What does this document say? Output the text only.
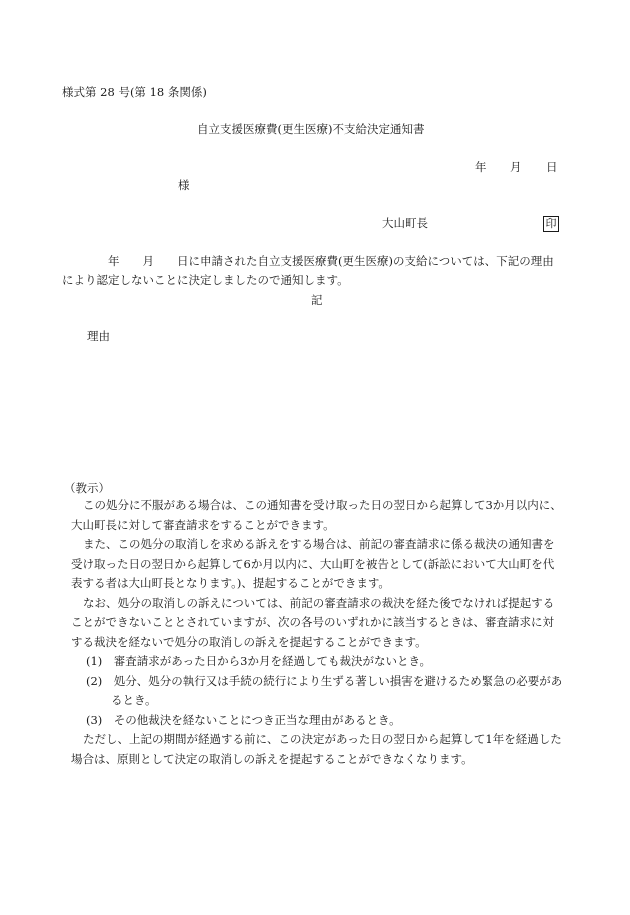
様式第 28 号(第 18 条関係)
自立支援医療費(更生医療)不支給決定通知書
年 月 日
様
大山町長	印
年　　月　　日に申請された自立支援医療費(更生医療)の支給については、下記の理由
により認定しないことに決定しましたので通知します。
記
理由
（教示）
この処分に不服がある場合は、この通知書を受け取った日の翌日から起算して3か月以内に、
大山町長に対して審査請求をすることができます。
また、この処分の取消しを求める訴えをする場合は、前記の審査請求に係る裁決の通知書を
受け取った日の翌日から起算して6か月以内に、大山町を被告として(訴訟において大山町を代
表する者は大山町長となります。)、提起することができます。
なお、処分の取消しの訴えについては、前記の審査請求の裁決を経た後でなければ提起する
ことができないこととされていますが、次の各号のいずれかに該当するときは、審査請求に対
する裁決を経ないで処分の取消しの訴えを提起することができます。
(1)　審査請求があった日から3か月を経過しても裁決がないとき。
(2)　処分、処分の執行又は手続の続行により生ずる著しい損害を避けるため緊急の必要があ
るとき。
(3)　その他裁決を経ないことにつき正当な理由があるとき。
ただし、上記の期間が経過する前に、この決定があった日の翌日から起算して1年を経過した
場合は、原則として決定の取消しの訴えを提起することができなくなります。
